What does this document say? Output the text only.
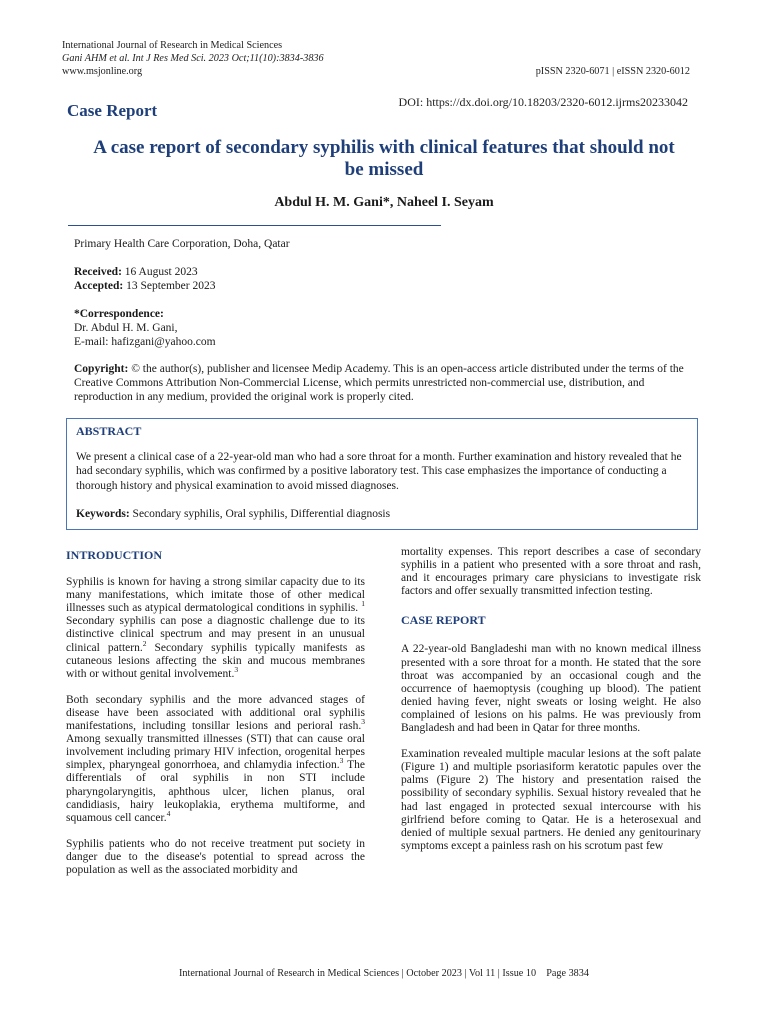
International Journal of Research in Medical Sciences
Gani AHM et al. Int J Res Med Sci. 2023 Oct;11(10):3834-3836
www.msjonline.org	pISSN 2320-6071 | eISSN 2320-6012
Case Report	DOI: https://dx.doi.org/10.18203/2320-6012.ijrms20233042
A case report of secondary syphilis with clinical features that should not
be missed
Abdul H. M. Gani*, Naheel I. Seyam
Primary Health Care Corporation, Doha, Qatar
Received: 16 August 2023
Accepted: 13 September 2023
*Correspondence:
Dr. Abdul H. M. Gani,
E-mail: hafizgani@yahoo.com
Copyright: © the author(s), publisher and licensee Medip Academy. This is an open-access article distributed under the terms of the Creative Commons Attribution Non-Commercial License, which permits unrestricted non-commercial use, distribution, and reproduction in any medium, provided the original work is properly cited.
ABSTRACT
We present a clinical case of a 22-year-old man who had a sore throat for a month. Further examination and history revealed that he had secondary syphilis, which was confirmed by a positive laboratory test. This case emphasizes the importance of conducting a thorough history and physical examination to avoid missed diagnoses.
Keywords: Secondary syphilis, Oral syphilis, Differential diagnosis

INTRODUCTION

Syphilis is known for having a strong similar capacity due to its many manifestations, which imitate those of other medical illnesses such as atypical dermatological conditions in syphilis. $^1$ Secondary syphilis can pose a diagnostic challenge due to its distinctive clinical spectrum and may present in an unusual clinical pattern.$^2$ Secondary syphilis typically manifests as cutaneous lesions affecting the skin and mucous membranes with or without genital involvement.$^3$

Both secondary syphilis and the more advanced stages of disease have been associated with additional oral syphilis manifestations, including tonsillar lesions and perioral rash.$^3$ Among sexually transmitted illnesses (STI) that can cause oral involvement including primary HIV infection, orogenital herpes simplex, pharyngeal gonorrhoea, and chlamydia infection.$^3$ The differentials of oral syphilis in non STI include pharyngolaryngitis, aphthous ulcer, lichen planus, oral candidiasis, hairy leukoplakia, erythema multiforme, and squamous cell cancer.$^4$

Syphilis patients who do not receive treatment put society in danger due to the disease's potential to spread across the population as well as the associated morbidity and

mortality expenses. This report describes a case of secondary syphilis in a patient who presented with a sore throat and rash, and it encourages primary care physicians to investigate risk factors and offer sexually transmitted infection testing.

CASE REPORT

A 22-year-old Bangladeshi man with no known medical illness presented with a sore throat for a month. He stated that the sore throat was accompanied by an occasional cough and the occurrence of haemoptysis (coughing up blood). The patient denied having fever, night sweats or losing weight. He also complained of lesions on his palms. He was previously from Bangladesh and had been in Qatar for three months.

Examination revealed multiple macular lesions at the soft palate (Figure 1) and multiple psoriasiform keratotic papules over the palms (Figure 2) The history and presentation raised the possibility of secondary syphilis. Sexual history revealed that he had last engaged in protected sexual intercourse with his girlfriend before coming to Qatar. He is a heterosexual and denied of multiple sexual partners. He denied any genitourinary symptoms except a painless rash on his scrotum past few

International Journal of Research in Medical Sciences | October 2023 | Vol 11 | Issue 10    Page 3834
